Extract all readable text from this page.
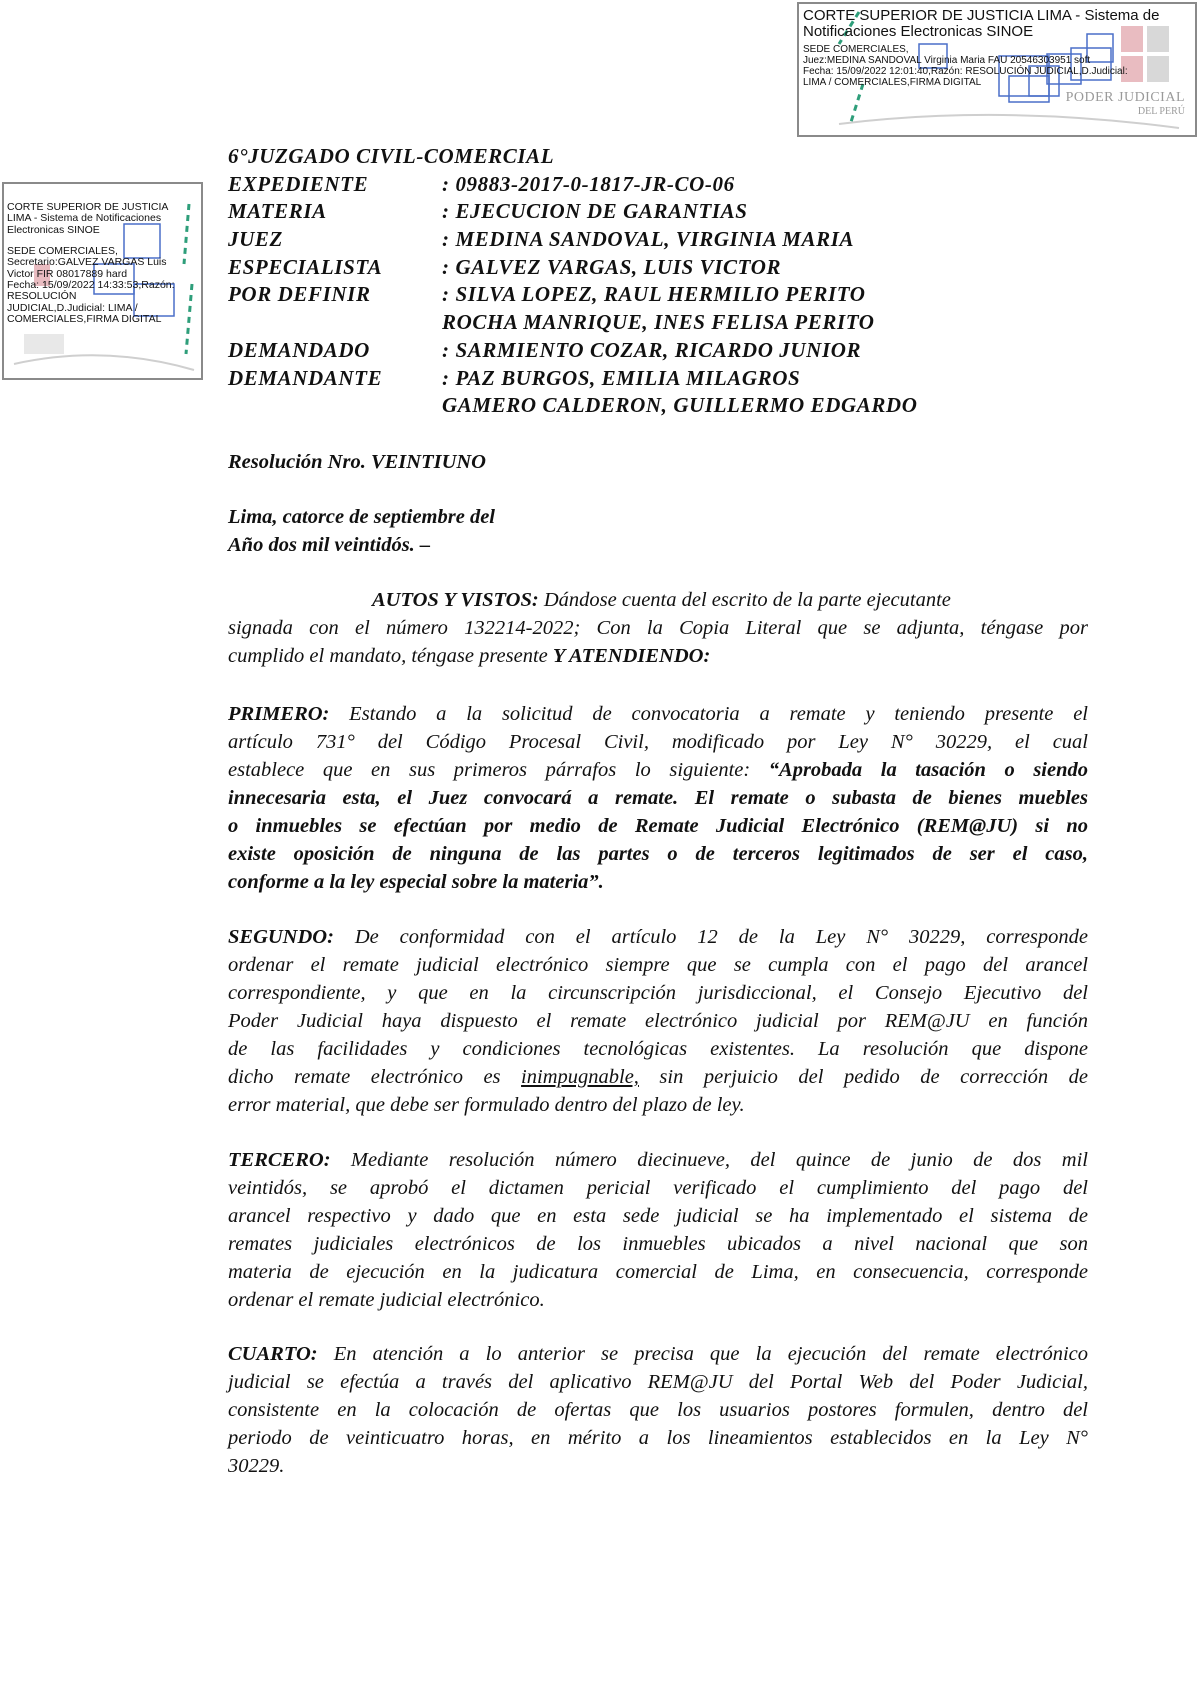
CORTE SUPERIOR DE JUSTICIA LIMA - Sistema de Notificaciones Electronicas SINOE
SEDE COMERCIALES,
Juez:MEDINA SANDOVAL Virginia Maria FAU 20546303951 soft
Fecha: 15/09/2022 12:01:40,Razón: RESOLUCIÓN JUDICIAL,D.Judicial:
LIMA / COMERCIALES,FIRMA DIGITAL
PODER JUDICIAL
DEL PERÚ
CORTE SUPERIOR DE JUSTICIA
LIMA - Sistema de Notificaciones
Electronicas SINOE
SEDE COMERCIALES,
Secretario:GALVEZ VARGAS Luis
Victor FIR 08017889 hard
Fecha: 15/09/2022 14:33:53,Razón:
RESOLUCIÓN
JUDICIAL,D.Judicial: LIMA /
COMERCIALES,FIRMA DIGITAL
6°JUZGADO CIVIL-COMERCIAL
EXPEDIENTE	: 09883-2017-0-1817-JR-CO-06
MATERIA	: EJECUCION DE GARANTIAS
JUEZ	: MEDINA SANDOVAL, VIRGINIA MARIA
ESPECIALISTA	: GALVEZ VARGAS, LUIS VICTOR
POR DEFINIR	: SILVA LOPEZ, RAUL HERMILIO PERITO
ROCHA MANRIQUE, INES FELISA PERITO
DEMANDADO	: SARMIENTO COZAR, RICARDO JUNIOR
DEMANDANTE	: PAZ BURGOS, EMILIA MILAGROS
GAMERO CALDERON, GUILLERMO EDGARDO
Resolución Nro. VEINTIUNO
Lima, catorce de septiembre del
Año dos mil veintidós. –
AUTOS Y VISTOS: Dándose cuenta del escrito de la parte ejecutante
signada con el número 132214-2022; Con la Copia Literal que se adjunta, téngase por
cumplido el mandato, téngase presente Y ATENDIENDO:
PRIMERO: Estando a la solicitud de convocatoria a remate y teniendo presente el
artículo 731° del Código Procesal Civil, modificado por Ley N° 30229, el cual
establece que en sus primeros párrafos lo siguiente: “Aprobada la tasación o siendo
innecesaria esta, el Juez convocará a remate. El remate o subasta de bienes muebles
o inmuebles se efectúan por medio de Remate Judicial Electrónico (REM@JU) si no
existe oposición de ninguna de las partes o de terceros legitimados de ser el caso,
conforme a la ley especial sobre la materia”.
SEGUNDO: De conformidad con el artículo 12 de la Ley N° 30229, corresponde
ordenar el remate judicial electrónico siempre que se cumpla con el pago del arancel
correspondiente, y que en la circunscripción jurisdiccional, el Consejo Ejecutivo del
Poder Judicial haya dispuesto el remate electrónico judicial por REM@JU en función
de las facilidades y condiciones tecnológicas existentes. La resolución que dispone
dicho remate electrónico es inimpugnable, sin perjuicio del pedido de corrección de
error material, que debe ser formulado dentro del plazo de ley.
TERCERO: Mediante resolución número diecinueve, del quince de junio de dos mil
veintidós, se aprobó el dictamen pericial verificado el cumplimiento del pago del
arancel respectivo y dado que en esta sede judicial se ha implementado el sistema de
remates judiciales electrónicos de los inmuebles ubicados a nivel nacional que son
materia de ejecución en la judicatura comercial de Lima, en consecuencia, corresponde
ordenar el remate judicial electrónico.
CUARTO: En atención a lo anterior se precisa que la ejecución del remate electrónico
judicial se efectúa a través del aplicativo REM@JU del Portal Web del Poder Judicial,
consistente en la colocación de ofertas que los usuarios postores formulen, dentro del
periodo de veinticuatro horas, en mérito a los lineamientos establecidos en la Ley N°
30229.
